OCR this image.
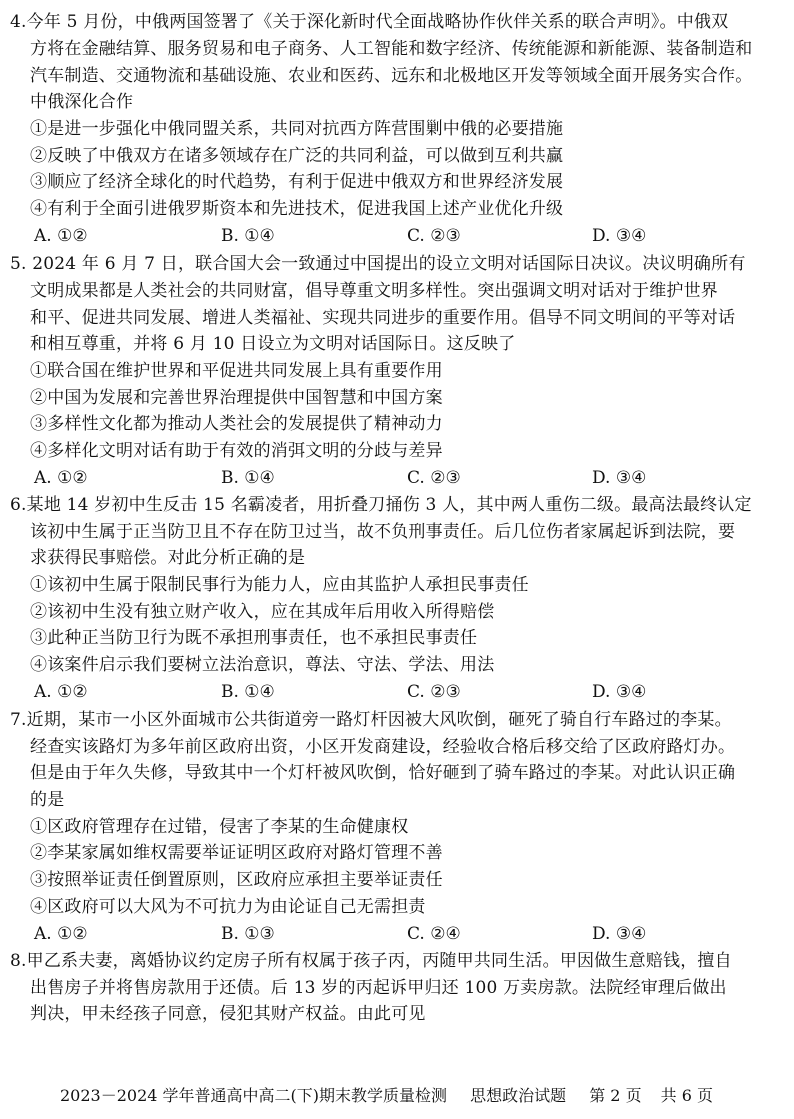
4.今年 5 月份，中俄两国签署了《关于深化新时代全面战略协作伙伴关系的联合声明》。中俄双
方将在金融结算、服务贸易和电子商务、人工智能和数字经济、传统能源和新能源、装备制造和
汽车制造、交通物流和基础设施、农业和医药、远东和北极地区开发等领域全面开展务实合作。
中俄深化合作
①是进一步强化中俄同盟关系，共同对抗西方阵营围剿中俄的必要措施
②反映了中俄双方在诸多领域存在广泛的共同利益，可以做到互利共赢
③顺应了经济全球化的时代趋势，有利于促进中俄双方和世界经济发展
④有利于全面引进俄罗斯资本和先进技术，促进我国上述产业优化升级
A. ①②	B. ①④	C. ②③	D. ③④
5. 2024 年 6 月 7 日，联合国大会一致通过中国提出的设立文明对话国际日决议。决议明确所有
文明成果都是人类社会的共同财富，倡导尊重文明多样性。突出强调文明对话对于维护世界
和平、促进共同发展、增进人类福祉、实现共同进步的重要作用。倡导不同文明间的平等对话
和相互尊重，并将 6 月 10 日设立为文明对话国际日。这反映了
①联合国在维护世界和平促进共同发展上具有重要作用
②中国为发展和完善世界治理提供中国智慧和中国方案
③多样性文化都为推动人类社会的发展提供了精神动力
④多样化文明对话有助于有效的消弭文明的分歧与差异
A. ①②	B. ①④	C. ②③	D. ③④
6.某地 14 岁初中生反击 15 名霸凌者，用折叠刀捅伤 3 人，其中两人重伤二级。最高法最终认定
该初中生属于正当防卫且不存在防卫过当，故不负刑事责任。后几位伤者家属起诉到法院，要
求获得民事赔偿。对此分析正确的是
①该初中生属于限制民事行为能力人，应由其监护人承担民事责任
②该初中生没有独立财产收入，应在其成年后用收入所得赔偿
③此种正当防卫行为既不承担刑事责任，也不承担民事责任
④该案件启示我们要树立法治意识，尊法、守法、学法、用法
A. ①②	B. ①④	C. ②③	D. ③④
7.近期，某市一小区外面城市公共街道旁一路灯杆因被大风吹倒，砸死了骑自行车路过的李某。
经查实该路灯为多年前区政府出资，小区开发商建设，经验收合格后移交给了区政府路灯办。
但是由于年久失修，导致其中一个灯杆被风吹倒，恰好砸到了骑车路过的李某。对此认识正确
的是
①区政府管理存在过错，侵害了李某的生命健康权
②李某家属如维权需要举证证明区政府对路灯管理不善
③按照举证责任倒置原则，区政府应承担主要举证责任
④区政府可以大风为不可抗力为由论证自己无需担责
A. ①②	B. ①③	C. ②④	D. ③④
8.甲乙系夫妻，离婚协议约定房子所有权属于孩子丙，丙随甲共同生活。甲因做生意赔钱，擅自
出售房子并将售房款用于还债。后 13 岁的丙起诉甲归还 100 万卖房款。法院经审理后做出
判决，甲未经孩子同意，侵犯其财产权益。由此可见
2023－2024 学年普通高中高二(下)期末教学质量检测 思想政治试题 第 2 页 共 6 页
